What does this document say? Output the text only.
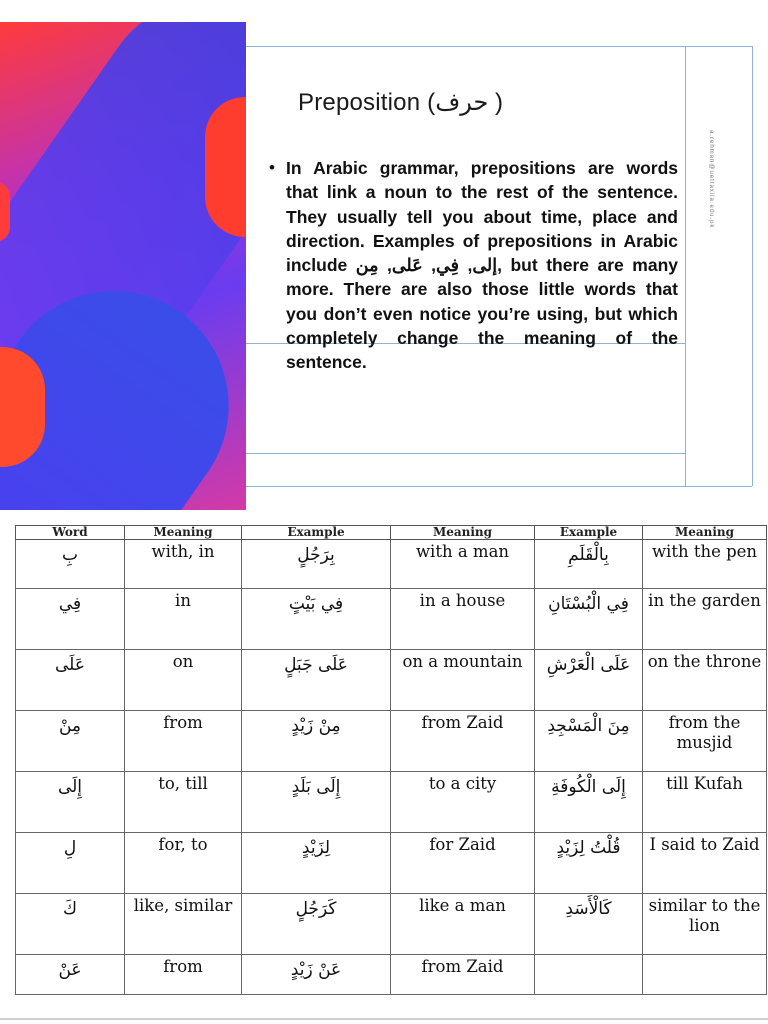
Preposition (حرف )
• In Arabic grammar, prepositions are words that link a noun to the rest of the sentence. They usually tell you about time, place and direction. Examples of prepositions in Arabic include إلى, فِي, عَلى, مِن, but there are many more. There are also those little words that you don’t even notice you’re using, but which completely change the meaning of the sentence.
a.rehman@uettaxila.edu.pk
Word	Meaning	Example	Meaning	Example	Meaning
بِ	with, in	بِرَجُلٍ	with a man	بِالْقَلَمِ	with the pen
فِي	in	فِي بَيْتٍ	in a house	فِي الْبُسْتَانِ	in the garden
عَلَى	on	عَلَى جَبَلٍ	on a mountain	عَلَى الْعَرْشِ	on the throne
مِنْ	from	مِنْ زَيْدٍ	from Zaid	مِنَ الْمَسْجِدِ	from the musjid
إِلَى	to, till	إِلَى بَلَدٍ	to a city	إِلَى الْكُوفَةِ	till Kufah
لِ	for, to	لِزَيْدٍ	for Zaid	قُلْتُ لِزَيْدٍ	I said to Zaid
كَ	like, similar	كَرَجُلٍ	like a man	كَالْأَسَدِ	similar to the lion
عَنْ	from	عَنْ زَيْدٍ	from Zaid		
